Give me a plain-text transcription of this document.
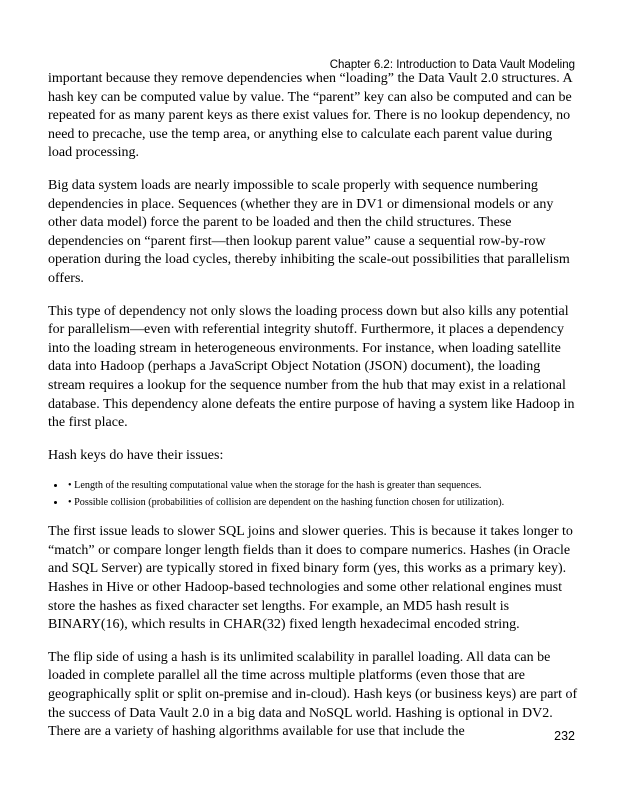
Chapter 6.2: Introduction to Data Vault Modeling

important because they remove dependencies when “loading” the Data Vault 2.0 structures. A hash key can be computed value by value. The “parent” key can also be computed and can be repeated for as many parent keys as there exist values for. There is no lookup dependency, no need to precache, use the temp area, or anything else to calculate each parent value during load processing.

Big data system loads are nearly impossible to scale properly with sequence numbering dependencies in place. Sequences (whether they are in DV1 or dimensional models or any other data model) force the parent to be loaded and then the child structures. These dependencies on “parent first—then lookup parent value” cause a sequential row-by-row operation during the load cycles, thereby inhibiting the scale-out possibilities that parallelism offers.

This type of dependency not only slows the loading process down but also kills any potential for parallelism—even with referential integrity shutoff. Furthermore, it places a dependency into the loading stream in heterogeneous environments. For instance, when loading satellite data into Hadoop (perhaps a JavaScript Object Notation (JSON) document), the loading stream requires a lookup for the sequence number from the hub that may exist in a relational database. This dependency alone defeats the entire purpose of having a system like Hadoop in the first place.

Hash keys do have their issues:

• • Length of the resulting computational value when the storage for the hash is greater than sequences.
• • Possible collision (probabilities of collision are dependent on the hashing function chosen for utilization).

The first issue leads to slower SQL joins and slower queries. This is because it takes longer to “match” or compare longer length fields than it does to compare numerics. Hashes (in Oracle and SQL Server) are typically stored in fixed binary form (yes, this works as a primary key). Hashes in Hive or other Hadoop-based technologies and some other relational engines must store the hashes as fixed character set lengths. For example, an MD5 hash result is BINARY(16), which results in CHAR(32) fixed length hexadecimal encoded string.

The flip side of using a hash is its unlimited scalability in parallel loading. All data can be loaded in complete parallel all the time across multiple platforms (even those that are geographically split or split on-premise and in-cloud). Hash keys (or business keys) are part of the success of Data Vault 2.0 in a big data and NoSQL world. Hashing is optional in DV2. There are a variety of hashing algorithms available for use that include the	232
